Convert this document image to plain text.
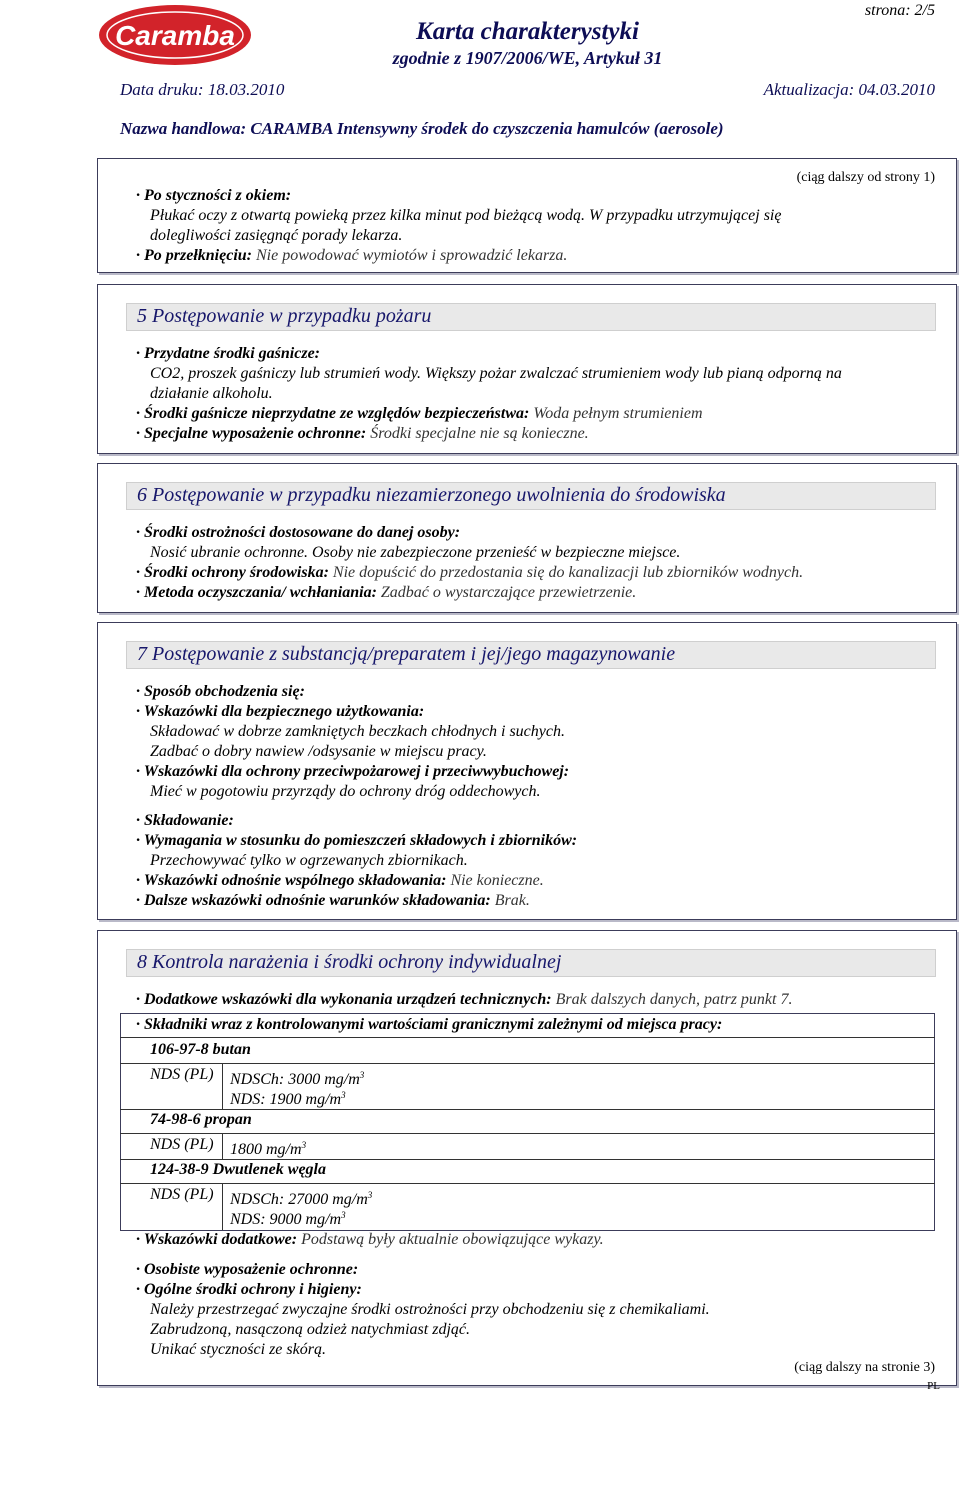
Caramba
strona: 2/5
Karta charakterystyki
zgodnie z 1907/2006/WE, Artykuł 31
Data druku: 18.03.2010	Aktualizacja: 04.03.2010
Nazwa handlowa: CARAMBA Intensywny środek do czyszczenia hamulców (aerosole)
(ciąg dalszy od strony 1)
· Po styczności z okiem:
Płukać oczy z otwartą powieką przez kilka minut pod bieżącą wodą. W przypadku utrzymującej się
dolegliwości zasięgnąć porady lekarza.
· Po przełknięciu: Nie powodować wymiotów i sprowadzić lekarza.
5 Postępowanie w przypadku pożaru
· Przydatne środki gaśnicze:
CO2, proszek gaśniczy lub strumień wody. Większy pożar zwalczać strumieniem wody lub pianą odporną na
działanie alkoholu.
· Środki gaśnicze nieprzydatne ze względów bezpieczeństwa: Woda pełnym strumieniem
· Specjalne wyposażenie ochronne: Środki specjalne nie są konieczne.
6 Postępowanie w przypadku niezamierzonego uwolnienia do środowiska
· Środki ostrożności dostosowane do danej osoby:
Nosić ubranie ochronne. Osoby nie zabezpieczone przenieść w bezpieczne miejsce.
· Środki ochrony środowiska: Nie dopuścić do przedostania się do kanalizacji lub zbiorników wodnych.
· Metoda oczyszczania/ wchłaniania: Zadbać o wystarczające przewietrzenie.
7 Postępowanie z substancją/preparatem i jej/jego magazynowanie
· Sposób obchodzenia się:
· Wskazówki dla bezpiecznego użytkowania:
Składować w dobrze zamkniętych beczkach chłodnych i suchych.
Zadbać o dobry nawiew /odsysanie w miejscu pracy.
· Wskazówki dla ochrony przeciwpożarowej i przeciwwybuchowej:
Mieć w pogotowiu przyrządy do ochrony dróg oddechowych.
· Składowanie:
· Wymagania w stosunku do pomieszczeń składowych i zbiorników:
Przechowywać tylko w ogrzewanych zbiornikach.
· Wskazówki odnośnie wspólnego składowania: Nie konieczne.
· Dalsze wskazówki odnośnie warunków składowania: Brak.
8 Kontrola narażenia i środki ochrony indywidualnej
· Dodatkowe wskazówki dla wykonania urządzeń technicznych: Brak dalszych danych, patrz punkt 7.
· Składniki wraz z kontrolowanymi wartościami granicznymi zależnymi od miejsca pracy:
106-97-8 butan
NDS (PL) NDSCh: 3000 $mg/m^3$
NDS: 1900 $mg/m^3$
74-98-6 propan
NDS (PL) 1800 $mg/m^3$
124-38-9 Dwutlenek węgla
NDS (PL) NDSCh: 27000 $mg/m^3$
NDS: 9000 $mg/m^3$
· Wskazówki dodatkowe: Podstawą były aktualnie obowiązujące wykazy.
· Osobiste wyposażenie ochronne:
· Ogólne środki ochrony i higieny:
Należy przestrzegać zwyczajne środki ostrożności przy obchodzeniu się z chemikaliami.
Zabrudzoną, nasączoną odzież natychmiast zdjąć.
Unikać styczności ze skórą.
(ciąg dalszy na stronie 3)
PL
